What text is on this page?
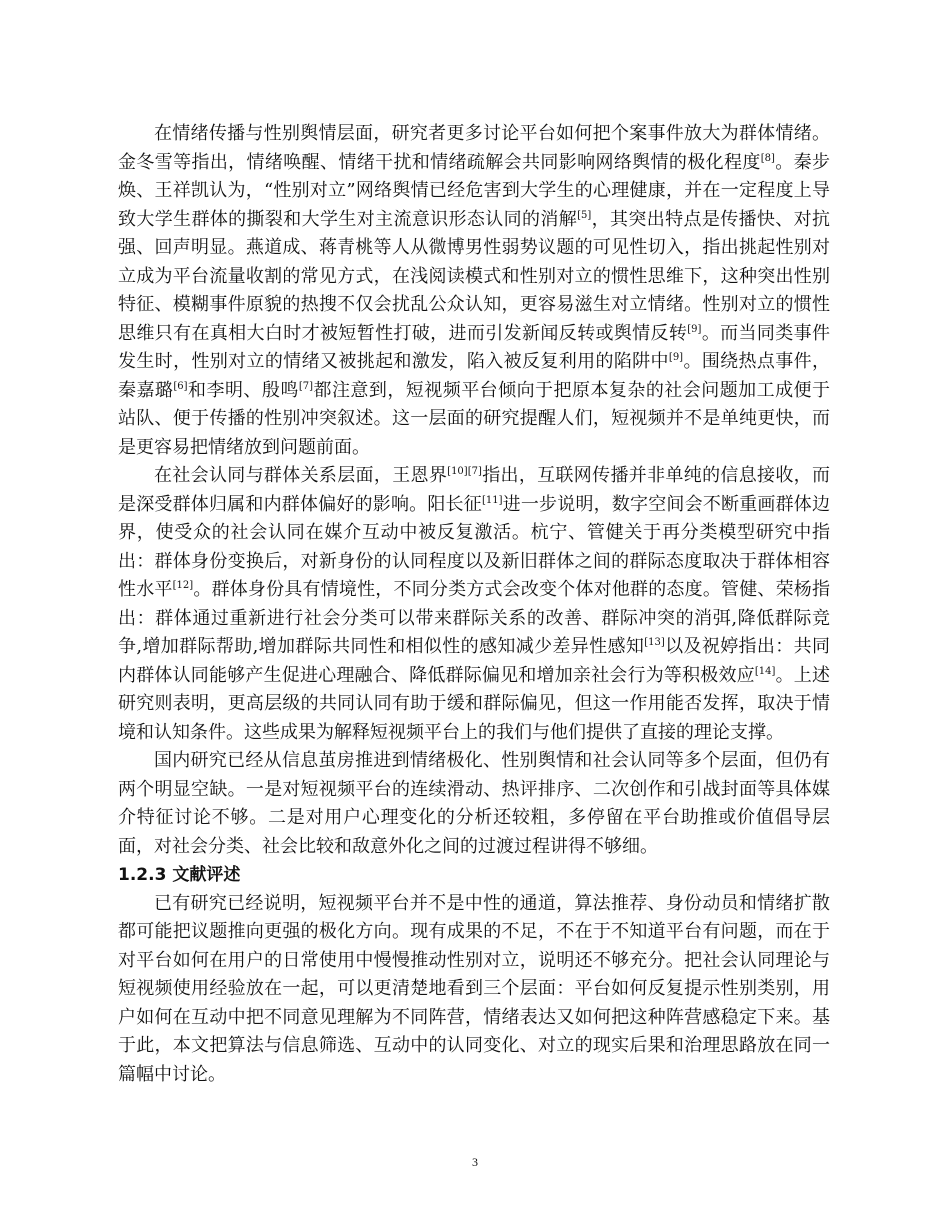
在情绪传播与性别舆情层面，研究者更多讨论平台如何把个案事件放大为群体情绪。金冬雪等指出，情绪唤醒、情绪干扰和情绪疏解会共同影响网络舆情的极化程度[8]。秦步焕、王祥凯认为，“性别对立”网络舆情已经危害到大学生的心理健康，并在一定程度上导致大学生群体的撕裂和大学生对主流意识形态认同的消解[5]，其突出特点是传播快、对抗强、回声明显。燕道成、蒋青桃等人从微博男性弱势议题的可见性切入，指出挑起性别对立成为平台流量收割的常见方式，在浅阅读模式和性别对立的惯性思维下，这种突出性别特征、模糊事件原貌的热搜不仅会扰乱公众认知，更容易滋生对立情绪。性别对立的惯性思维只有在真相大白时才被短暂性打破，进而引发新闻反转或舆情反转[9]。而当同类事件发生时，性别对立的情绪又被挑起和激发，陷入被反复利用的陷阱中[9]。围绕热点事件，秦嘉璐[6]和李明、殷鸣[7]都注意到，短视频平台倾向于把原本复杂的社会问题加工成便于站队、便于传播的性别冲突叙述。这一层面的研究提醒人们，短视频并不是单纯更快，而是更容易把情绪放到问题前面。

在社会认同与群体关系层面，王恩界[10][7]指出，互联网传播并非单纯的信息接收，而是深受群体归属和内群体偏好的影响。阳长征[11]进一步说明，数字空间会不断重画群体边界，使受众的社会认同在媒介互动中被反复激活。杭宁、管健关于再分类模型研究中指出：群体身份变换后，对新身份的认同程度以及新旧群体之间的群际态度取决于群体相容性水平[12]。群体身份具有情境性，不同分类方式会改变个体对他群的态度。管健、荣杨指出：群体通过重新进行社会分类可以带来群际关系的改善、群际冲突的消弭,降低群际竞争,增加群际帮助,增加群际共同性和相似性的感知减少差异性感知[13]以及祝婷指出：共同内群体认同能够产生促进心理融合、降低群际偏见和增加亲社会行为等积极效应[14]。上述研究则表明，更高层级的共同认同有助于缓和群际偏见，但这一作用能否发挥，取决于情境和认知条件。这些成果为解释短视频平台上的我们与他们提供了直接的理论支撑。

国内研究已经从信息茧房推进到情绪极化、性别舆情和社会认同等多个层面，但仍有两个明显空缺。一是对短视频平台的连续滑动、热评排序、二次创作和引战封面等具体媒介特征讨论不够。二是对用户心理变化的分析还较粗，多停留在平台助推或价值倡导层面，对社会分类、社会比较和敌意外化之间的过渡过程讲得不够细。

1.2.3 文献评述

已有研究已经说明，短视频平台并不是中性的通道，算法推荐、身份动员和情绪扩散都可能把议题推向更强的极化方向。现有成果的不足，不在于不知道平台有问题，而在于对平台如何在用户的日常使用中慢慢推动性别对立，说明还不够充分。把社会认同理论与短视频使用经验放在一起，可以更清楚地看到三个层面：平台如何反复提示性别类别，用户如何在互动中把不同意见理解为不同阵营，情绪表达又如何把这种阵营感稳定下来。基于此，本文把算法与信息筛选、互动中的认同变化、对立的现实后果和治理思路放在同一篇幅中讨论。

3
